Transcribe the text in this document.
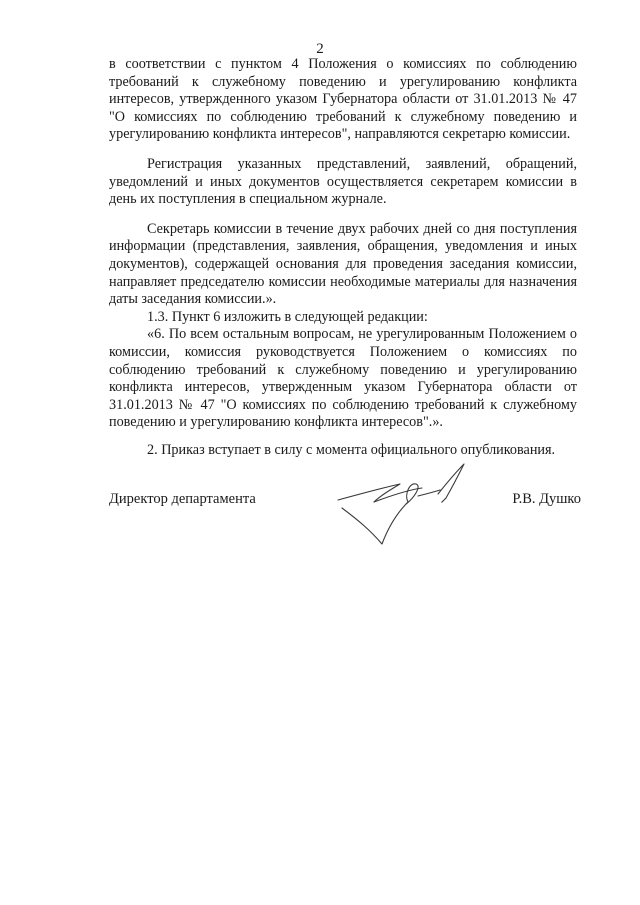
2

в соответствии с пунктом 4 Положения о комиссиях по соблюдению требований к служебному поведению и урегулированию конфликта интересов, утвержденного указом Губернатора области от 31.01.2013 № 47 "О комиссиях по соблюдению требований к служебному поведению и урегулированию конфликта интересов", направляются секретарю комиссии.

Регистрация указанных представлений, заявлений, обращений, уведомлений и иных документов осуществляется секретарем комиссии в день их поступления в специальном журнале.

Секретарь комиссии в течение двух рабочих дней со дня поступления информации (представления, заявления, обращения, уведомления и иных документов), содержащей основания для проведения заседания комиссии, направляет председателю комиссии необходимые материалы для назначения даты заседания комиссии.».

1.3. Пункт 6 изложить в следующей редакции:

«6. По всем остальным вопросам, не урегулированным Положением о комиссии, комиссия руководствуется Положением о комиссиях по соблюдению требований к служебному поведению и урегулированию конфликта интересов, утвержденным указом Губернатора области от 31.01.2013 № 47 "О комиссиях по соблюдению требований к служебному поведению и урегулированию конфликта интересов".».

2. Приказ вступает в силу с момента официального опубликования.

Директор департамента	Р.В. Душко
